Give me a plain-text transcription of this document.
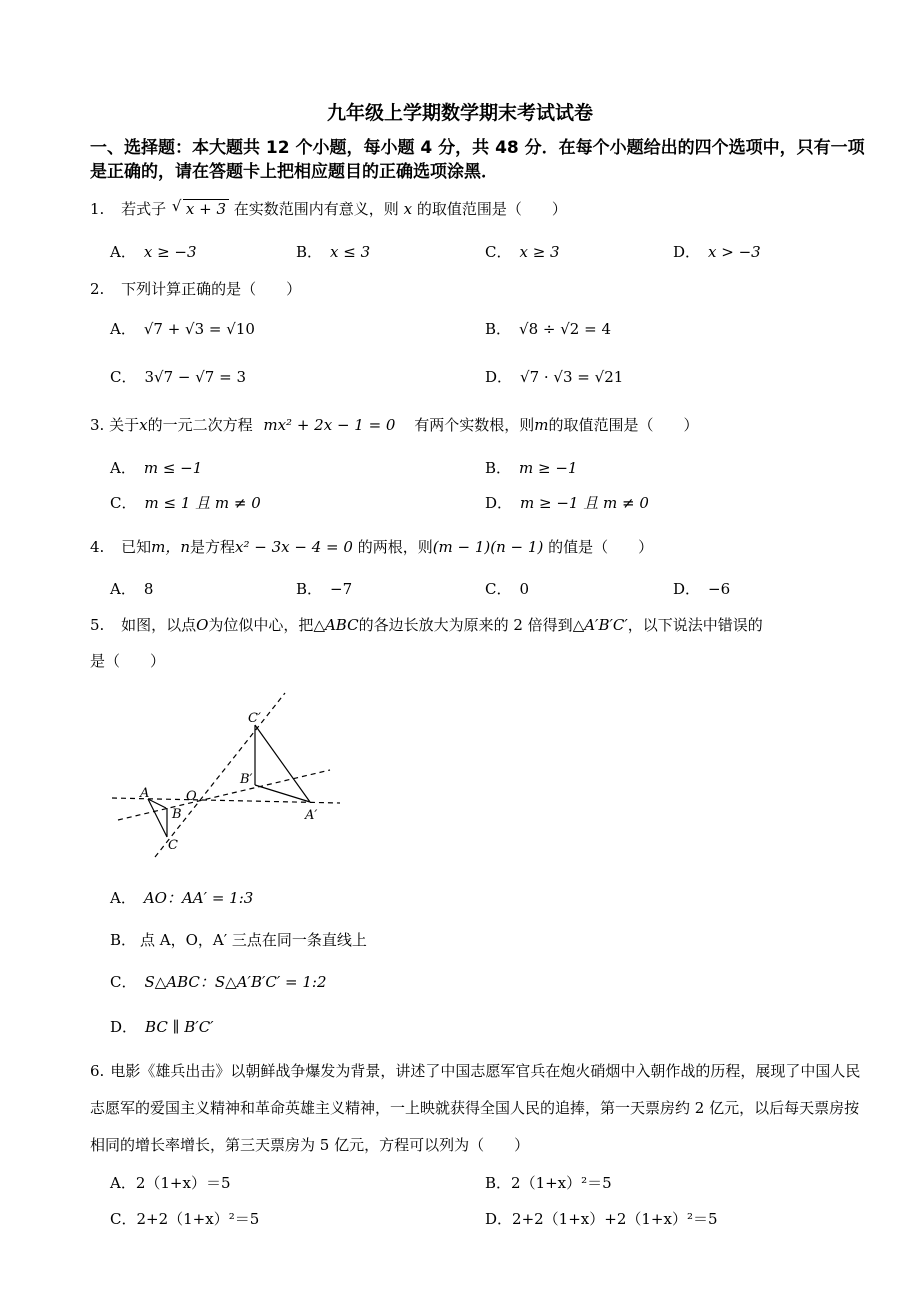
九年级上学期数学期末考试试卷
一、选择题：本大题共 12 个小题，每小题 4 分，共 48 分．在每个小题给出的四个选项中，只有一项是正确的，请在答题卡上把相应题目的正确选项涂黑．
1. 若式子 √ x + 3 在实数范围内有意义，则 x 的取值范围是（　　）
A． x ≥ −3	B． x ≤ 3	C． x ≥ 3	D． x > −3
2. 下列计算正确的是（　　）
A． √7 + √3 = √10	B． √8 ÷ √2 = 4
C． 3√7 − √7 = 3	D． √7 · √3 = √21
3. 关于x的一元二次方程 mx² + 2x − 1 = 0 有两个实数根，则m的取值范围是（　　）
A． m ≤ −1	B． m ≥ −1
C． m ≤ 1 且 m ≠ 0	D． m ≥ −1 且 m ≠ 0
4. 已知m，n是方程x² − 3x − 4 = 0 的两根，则(m − 1)(n − 1) 的值是（　　）
A． 8	B． −7	C． 0	D． −6
5. 如图，以点O为位似中心，把△ABC的各边长放大为原来的 2 倍得到△A′B′C′，以下说法中错误的
是（　　）
C′
B′
A′
A	O
B
C
A． AO：AA′ = 1:3
B． 点 A，O，A′ 三点在同一条直线上
C． S△ABC：S△A′B′C′ = 1:2
D． BC ∥ B′C′
6. 电影《雄兵出击》以朝鲜战争爆发为背景，讲述了中国志愿军官兵在炮火硝烟中入朝作战的历程，展现了中国人民志愿军的爱国主义精神和革命英雄主义精神，一上映就获得全国人民的追捧，第一天票房约 2 亿元，以后每天票房按相同的增长率增长，第三天票房为 5 亿元，方程可以列为（　　）
A．2（1+x）＝5	B．2（1+x）²＝5
C．2+2（1+x）²＝5	D．2+2（1+x）+2（1+x）²＝5
